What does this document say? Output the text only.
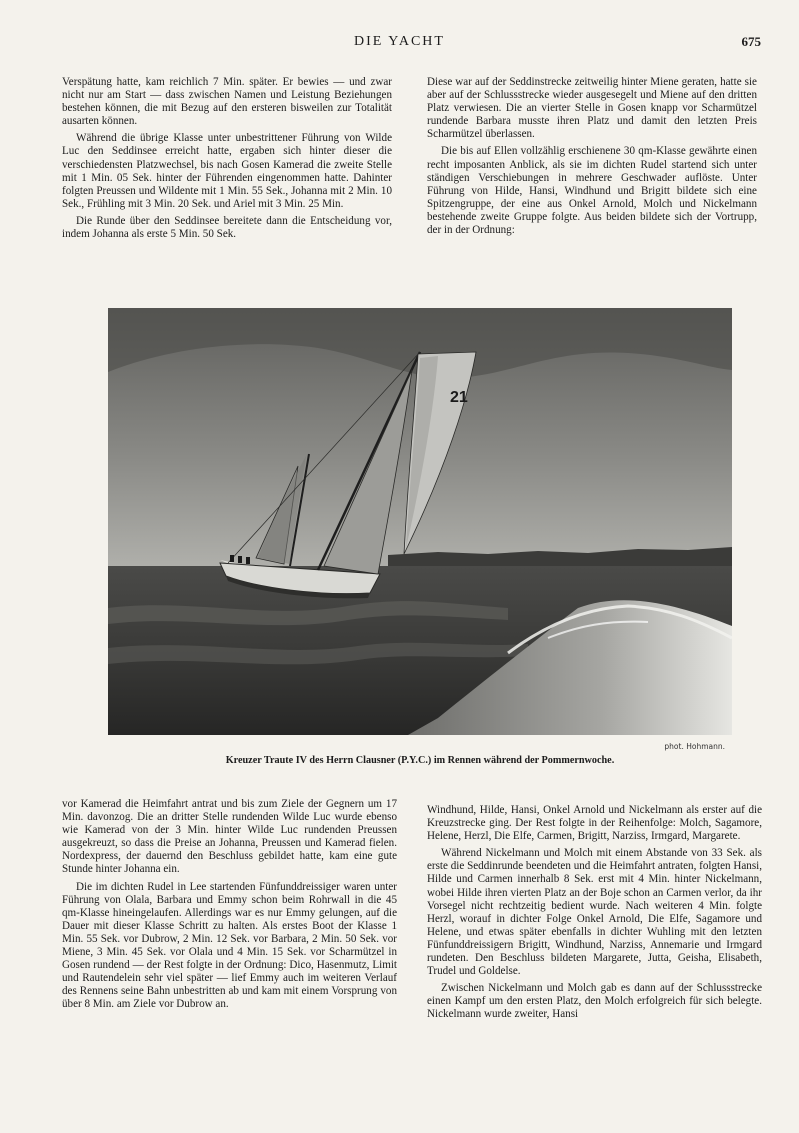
DIE YACHT	675

Verspätung hatte, kam reichlich 7 Min. später. Er bewies — und zwar nicht nur am Start — dass zwischen Namen und Leistung Beziehungen bestehen können, die mit Bezug auf den ersteren bisweilen zur Totalität ausarten können.

Während die übrige Klasse unter unbestrittener Führung von Wilde Luc den Seddinsee erreicht hatte, ergaben sich hinter dieser die verschiedensten Platzwechsel, bis nach Gosen Kamerad die zweite Stelle mit 1 Min. 05 Sek. hinter der Führenden eingenommen hatte. Dahinter folgten Preussen und Wildente mit 1 Min. 55 Sek., Johanna mit 2 Min. 10 Sek., Frühling mit 3 Min. 20 Sek. und Ariel mit 3 Min. 25 Min.

Die Runde über den Seddinsee bereitete dann die Entscheidung vor, indem Johanna als erste 5 Min. 50 Sek.

Diese war auf der Seddinstrecke zeitweilig hinter Miene geraten, hatte sie aber auf der Schlussstrecke wieder ausgesegelt und Miene auf den dritten Platz verwiesen. Die an vierter Stelle in Gosen knapp vor Scharmützel rundende Barbara musste ihren Platz und damit den letzten Preis Scharmützel überlassen.

Die bis auf Ellen vollzählig erschienene 30 qm-Klasse gewährte einen recht imposanten Anblick, als sie im dichten Rudel startend sich unter ständigen Verschiebungen in mehrere Geschwader auflöste. Unter Führung von Hilde, Hansi, Windhund und Brigitt bildete sich eine Spitzengruppe, der eine aus Onkel Arnold, Molch und Nickelmann bestehende zweite Gruppe folgte. Aus beiden bildete sich der Vortrupp, der in der Ordnung:

21
phot. Hohmann.
Kreuzer Traute IV des Herrn Clausner (P.Y.C.) im Rennen während der Pommernwoche.

vor Kamerad die Heimfahrt antrat und bis zum Ziele der Gegnern um 17 Min. davonzog. Die an dritter Stelle rundenden Wilde Luc wurde ebenso wie Kamerad von der 3 Min. hinter Wilde Luc rundenden Preussen ausgekreuzt, so dass die Preise an Johanna, Preussen und Kamerad fielen. Nordexpress, der dauernd den Beschluss gebildet hatte, kam eine gute Stunde hinter Johanna ein.

Die im dichten Rudel in Lee startenden Fünfunddreissiger waren unter Führung von Olala, Barbara und Emmy schon beim Rohrwall in die 45 qm-Klasse hineingelaufen. Allerdings war es nur Emmy gelungen, auf die Dauer mit dieser Klasse Schritt zu halten. Als erstes Boot der Klasse 1 Min. 55 Sek. vor Dubrow, 2 Min. 12 Sek. vor Barbara, 2 Min. 50 Sek. vor Miene, 3 Min. 45 Sek. vor Olala und 4 Min. 15 Sek. vor Scharmützel in Gosen rundend — der Rest folgte in der Ordnung: Dico, Hasenmutz, Limit und Rautendelein sehr viel später — lief Emmy auch im weiteren Verlauf des Rennens seine Bahn unbestritten ab und kam mit einem Vorsprung von über 8 Min. am Ziele vor Dubrow an.

Windhund, Hilde, Hansi, Onkel Arnold und Nickelmann als erster auf die Kreuzstrecke ging. Der Rest folgte in der Reihenfolge: Molch, Sagamore, Helene, Herzl, Die Elfe, Carmen, Brigitt, Narziss, Irmgard, Margarete.

Während Nickelmann und Molch mit einem Abstande von 33 Sek. als erste die Seddinrunde beendeten und die Heimfahrt antraten, folgten Hansi, Hilde und Carmen innerhalb 8 Sek. erst mit 4 Min. hinter Nickelmann, wobei Hilde ihren vierten Platz an der Boje schon an Carmen verlor, da ihr Vorsegel nicht rechtzeitig bedient wurde. Nach weiteren 4 Min. folgte Herzl, worauf in dichter Folge Onkel Arnold, Die Elfe, Sagamore und Helene, und etwas später ebenfalls in dichter Wuhling mit den letzten Fünfunddreissigern Brigitt, Windhund, Narziss, Annemarie und Irmgard rundeten. Den Beschluss bildeten Margarete, Jutta, Geisha, Elisabeth, Trudel und Goldelse.

Zwischen Nickelmann und Molch gab es dann auf der Schlussstrecke einen Kampf um den ersten Platz, den Molch erfolgreich für sich belegte. Nickelmann wurde zweiter, Hansi
